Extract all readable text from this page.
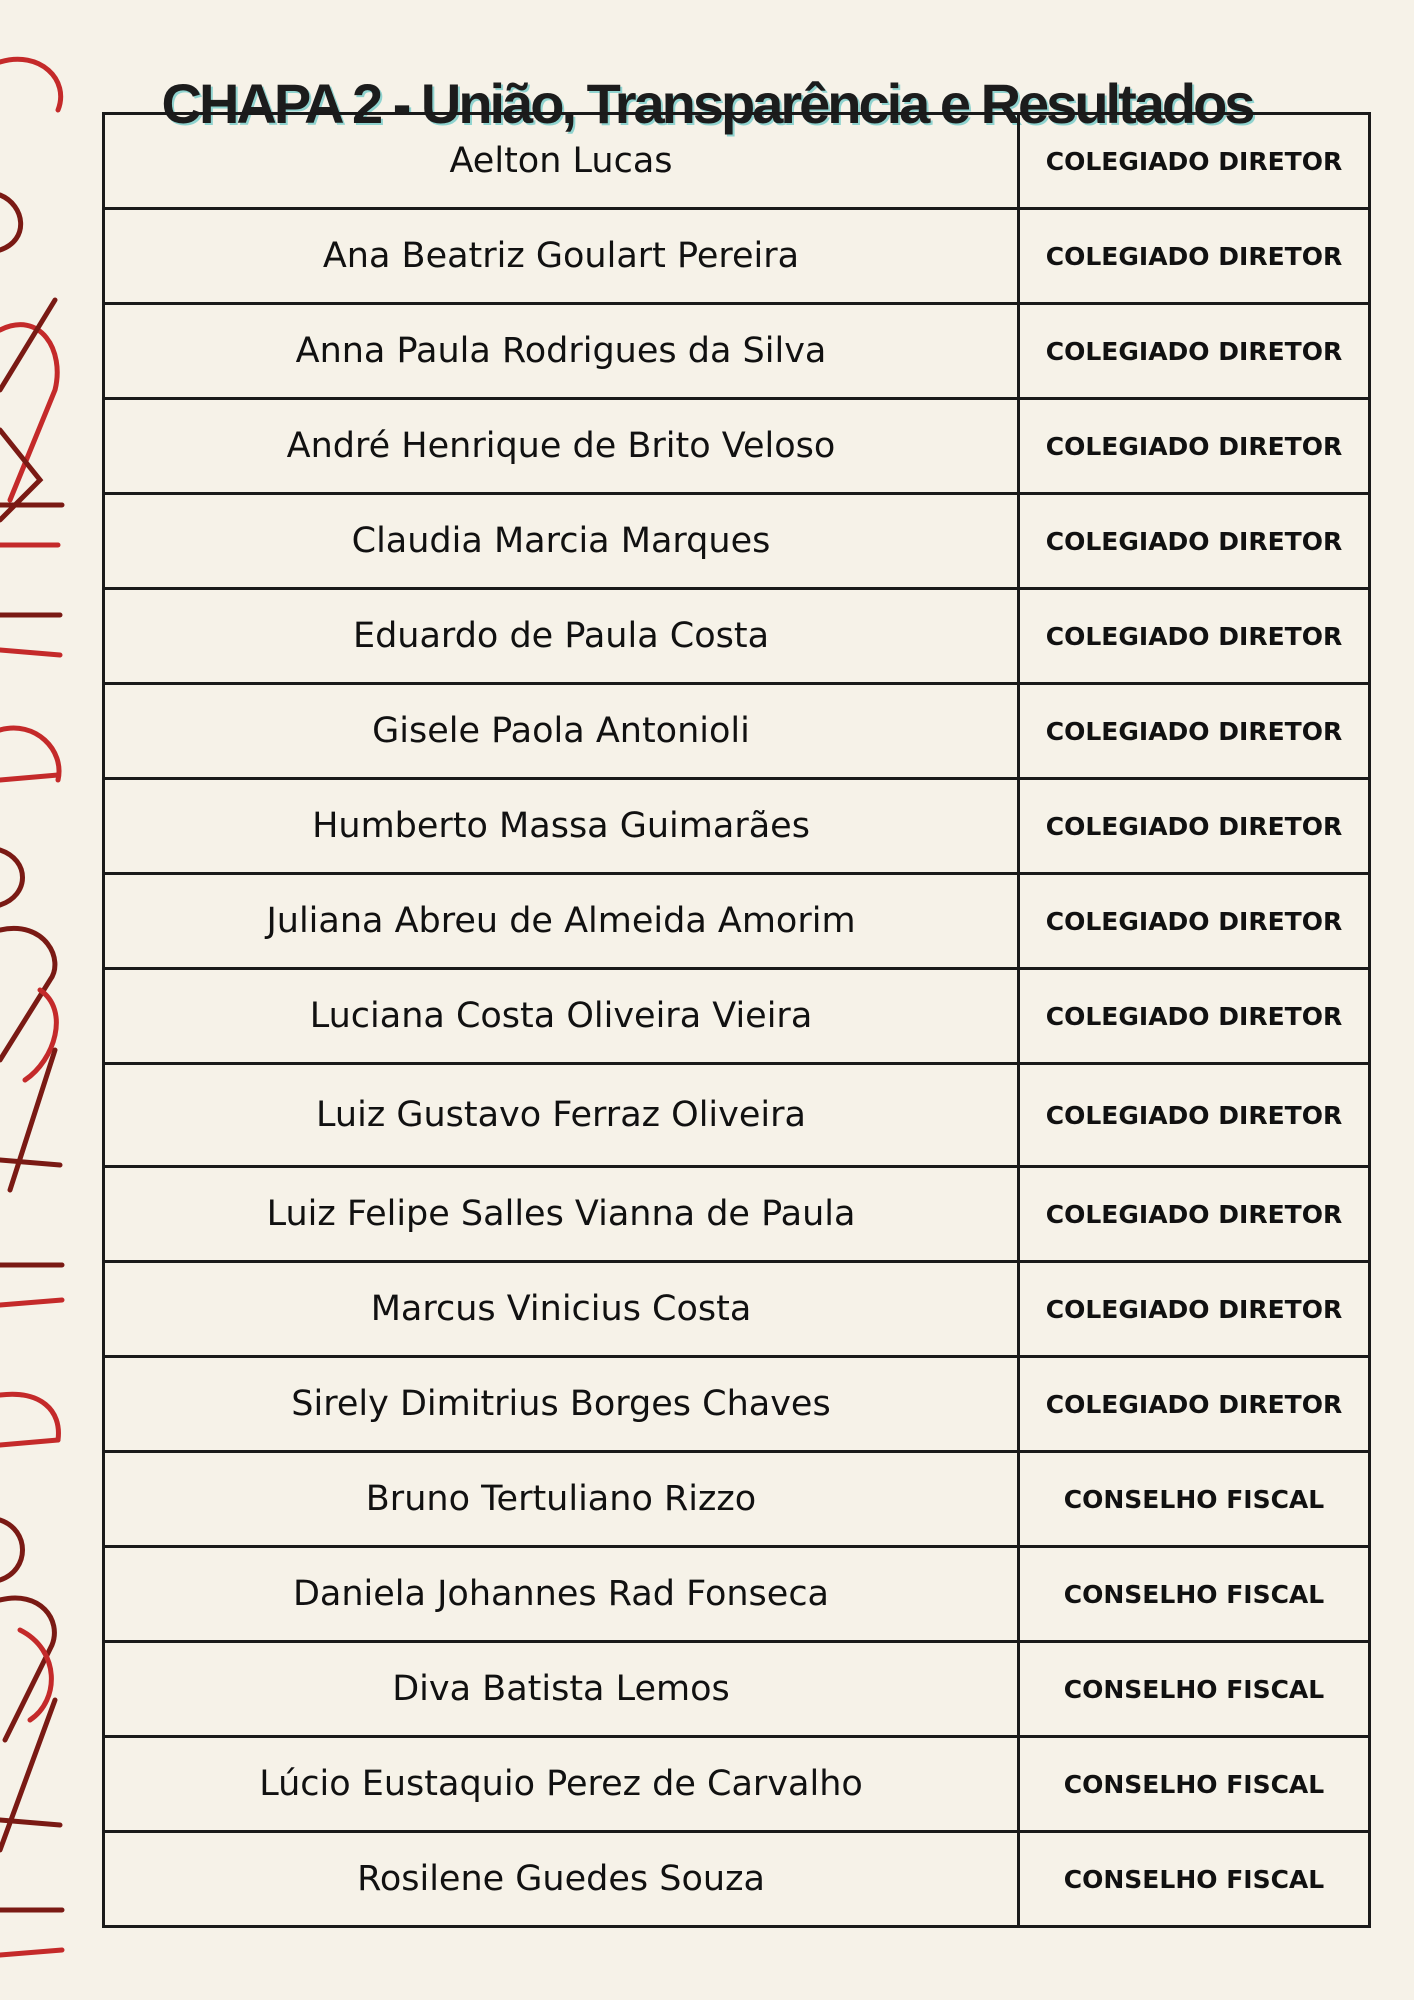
CHAPA 2 - União, Transparência e Resultados
Aelton Lucas	COLEGIADO DIRETOR
Ana Beatriz Goulart Pereira	COLEGIADO DIRETOR
Anna Paula Rodrigues da Silva	COLEGIADO DIRETOR
André Henrique de Brito Veloso	COLEGIADO DIRETOR
Claudia Marcia Marques	COLEGIADO DIRETOR
Eduardo de Paula Costa	COLEGIADO DIRETOR
Gisele Paola Antonioli	COLEGIADO DIRETOR
Humberto Massa Guimarães	COLEGIADO DIRETOR
Juliana Abreu de Almeida Amorim	COLEGIADO DIRETOR
Luciana Costa Oliveira Vieira	COLEGIADO DIRETOR
Luiz Gustavo Ferraz Oliveira	COLEGIADO DIRETOR
Luiz Felipe Salles Vianna de Paula	COLEGIADO DIRETOR
Marcus Vinicius Costa	COLEGIADO DIRETOR
Sirely Dimitrius Borges Chaves	COLEGIADO DIRETOR
Bruno Tertuliano Rizzo	CONSELHO FISCAL
Daniela Johannes Rad Fonseca	CONSELHO FISCAL
Diva Batista Lemos	CONSELHO FISCAL
Lúcio Eustaquio Perez de Carvalho	CONSELHO FISCAL
Rosilene Guedes Souza	CONSELHO FISCAL
